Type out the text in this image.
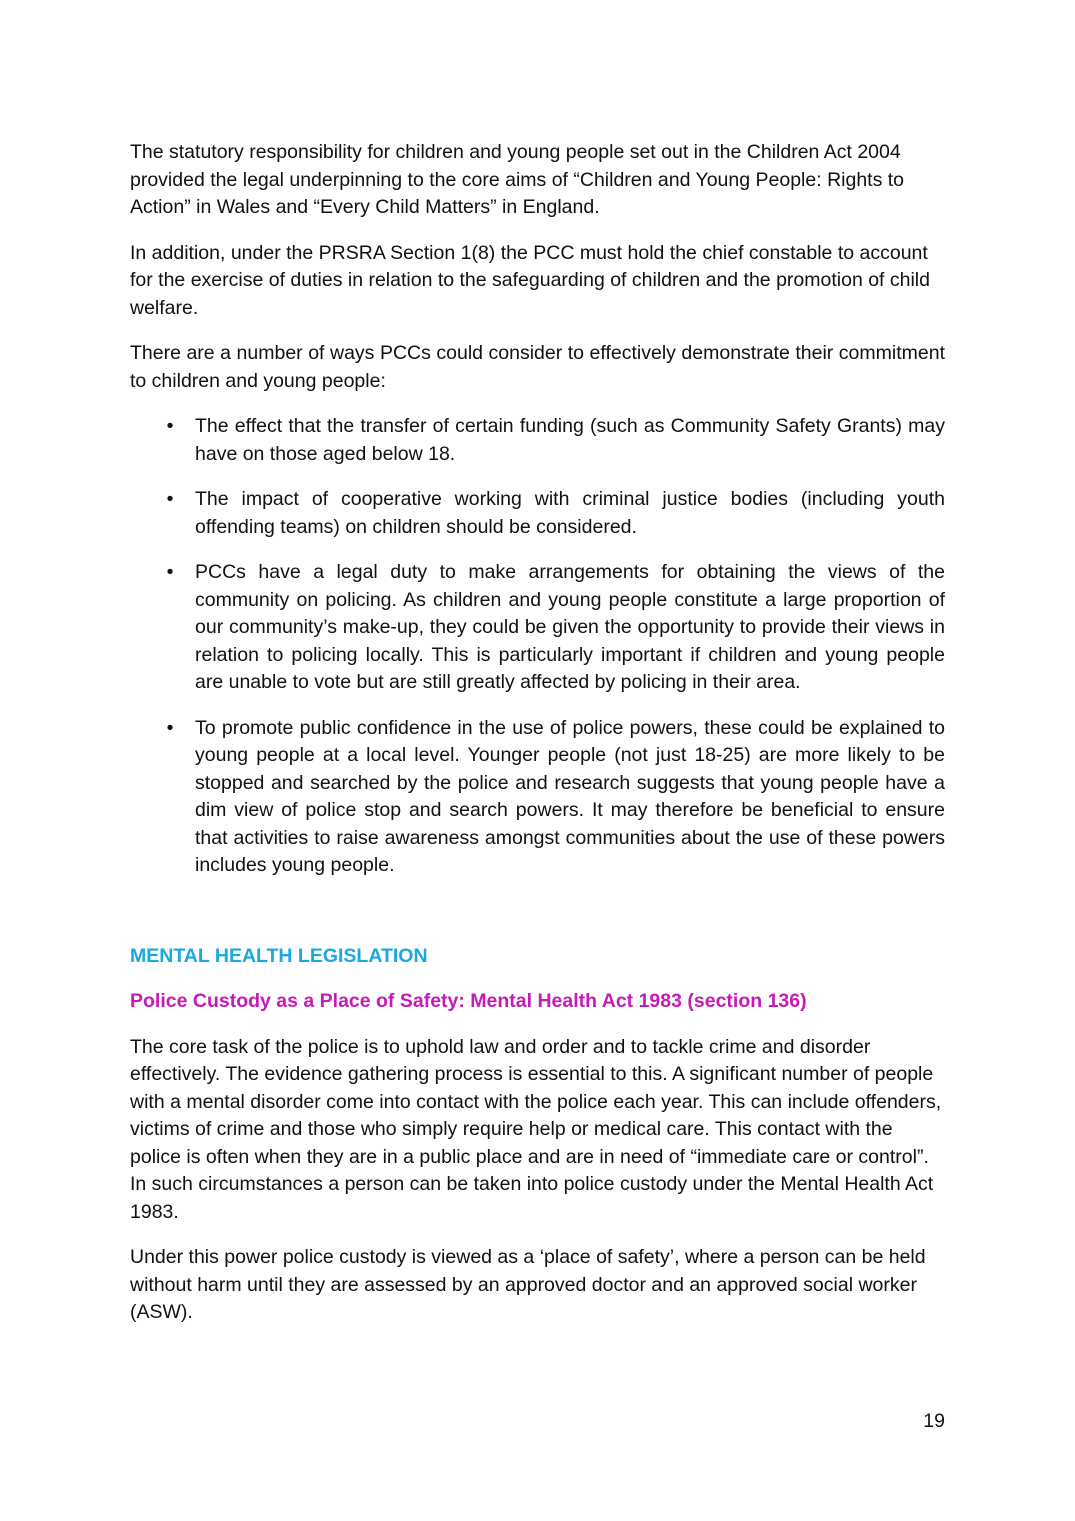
The statutory responsibility for children and young people set out in the Children Act 2004 provided the legal underpinning to the core aims of “Children and Young People: Rights to Action” in Wales and “Every Child Matters” in England.

In addition, under the PRSRA Section 1(8) the PCC must hold the chief constable to account for the exercise of duties in relation to the safeguarding of children and the promotion of child welfare.

There are a number of ways PCCs could consider to effectively demonstrate their commitment to children and young people:

• The effect that the transfer of certain funding (such as Community Safety Grants) may have on those aged below 18.
• The impact of cooperative working with criminal justice bodies (including youth offending teams) on children should be considered.
• PCCs have a legal duty to make arrangements for obtaining the views of the community on policing. As children and young people constitute a large proportion of our community’s make-up, they could be given the opportunity to provide their views in relation to policing locally. This is particularly important if children and young people are unable to vote but are still greatly affected by policing in their area.
• To promote public confidence in the use of police powers, these could be explained to young people at a local level. Younger people (not just 18-25) are more likely to be stopped and searched by the police and research suggests that young people have a dim view of police stop and search powers. It may therefore be beneficial to ensure that activities to raise awareness amongst communities about the use of these powers includes young people.
MENTAL HEALTH LEGISLATION
Police Custody as a Place of Safety: Mental Health Act 1983 (section 136)

The core task of the police is to uphold law and order and to tackle crime and disorder effectively. The evidence gathering process is essential to this. A significant number of people with a mental disorder come into contact with the police each year. This can include offenders, victims of crime and those who simply require help or medical care. This contact with the police is often when they are in a public place and are in need of “immediate care or control”. In such circumstances a person can be taken into police custody under the Mental Health Act 1983.

Under this power police custody is viewed as a ‘place of safety’, where a person can be held without harm until they are assessed by an approved doctor and an approved social worker (ASW).

19
